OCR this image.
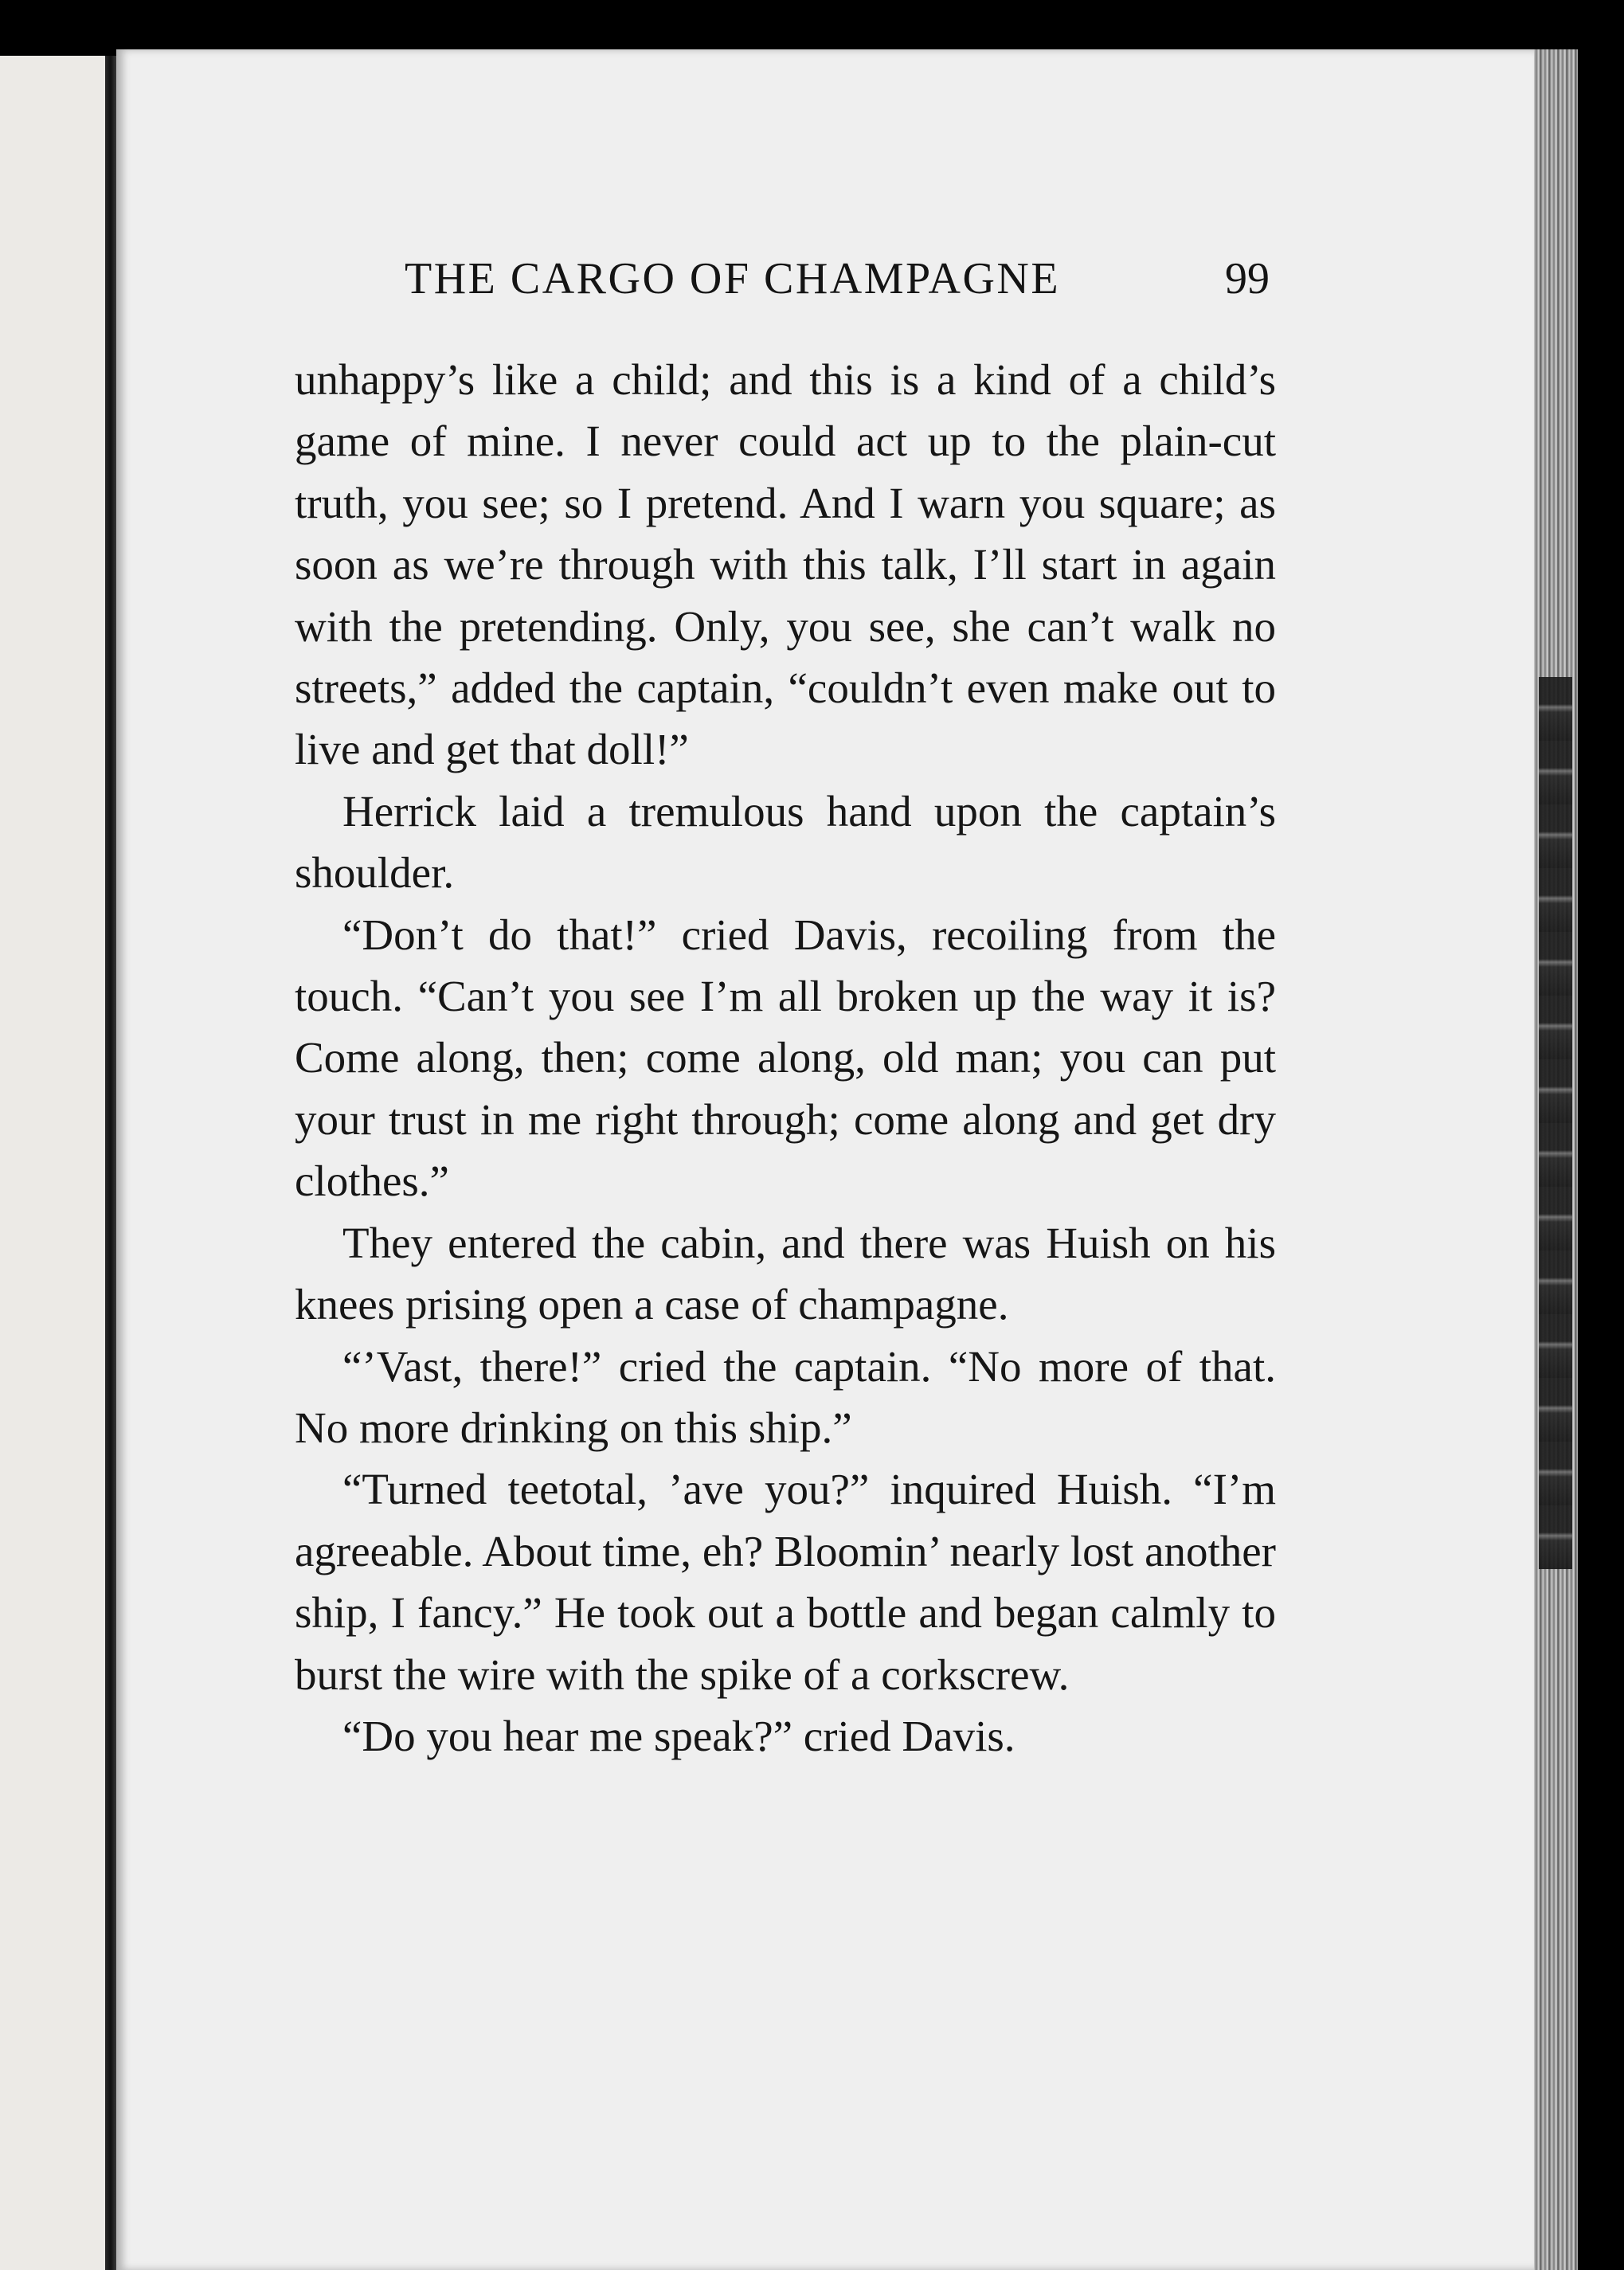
THE CARGO OF CHAMPAGNE	99

unhappy’s like a child; and this is a kind of a child’s game of mine. I never could act up to the plain-cut truth, you see; so I pretend. And I warn you square; as soon as we’re through with this talk, I’ll start in again with the pretending. Only, you see, she can’t walk no streets,” added the captain, “couldn’t even make out to live and get that doll!”

Herrick laid a tremulous hand upon the captain’s shoulder.

“Don’t do that!” cried Davis, recoiling from the touch. “Can’t you see I’m all broken up the way it is? Come along, then; come along, old man; you can put your trust in me right through; come along and get dry clothes.”

They entered the cabin, and there was Huish on his knees prising open a case of champagne.

“’Vast, there!” cried the captain. “No more of that. No more drinking on this ship.”

“Turned teetotal, ’ave you?” inquired Huish. “I’m agreeable. About time, eh? Bloomin’ nearly lost another ship, I fancy.” He took out a bottle and began calmly to burst the wire with the spike of a corkscrew.

“Do you hear me speak?” cried Davis.
